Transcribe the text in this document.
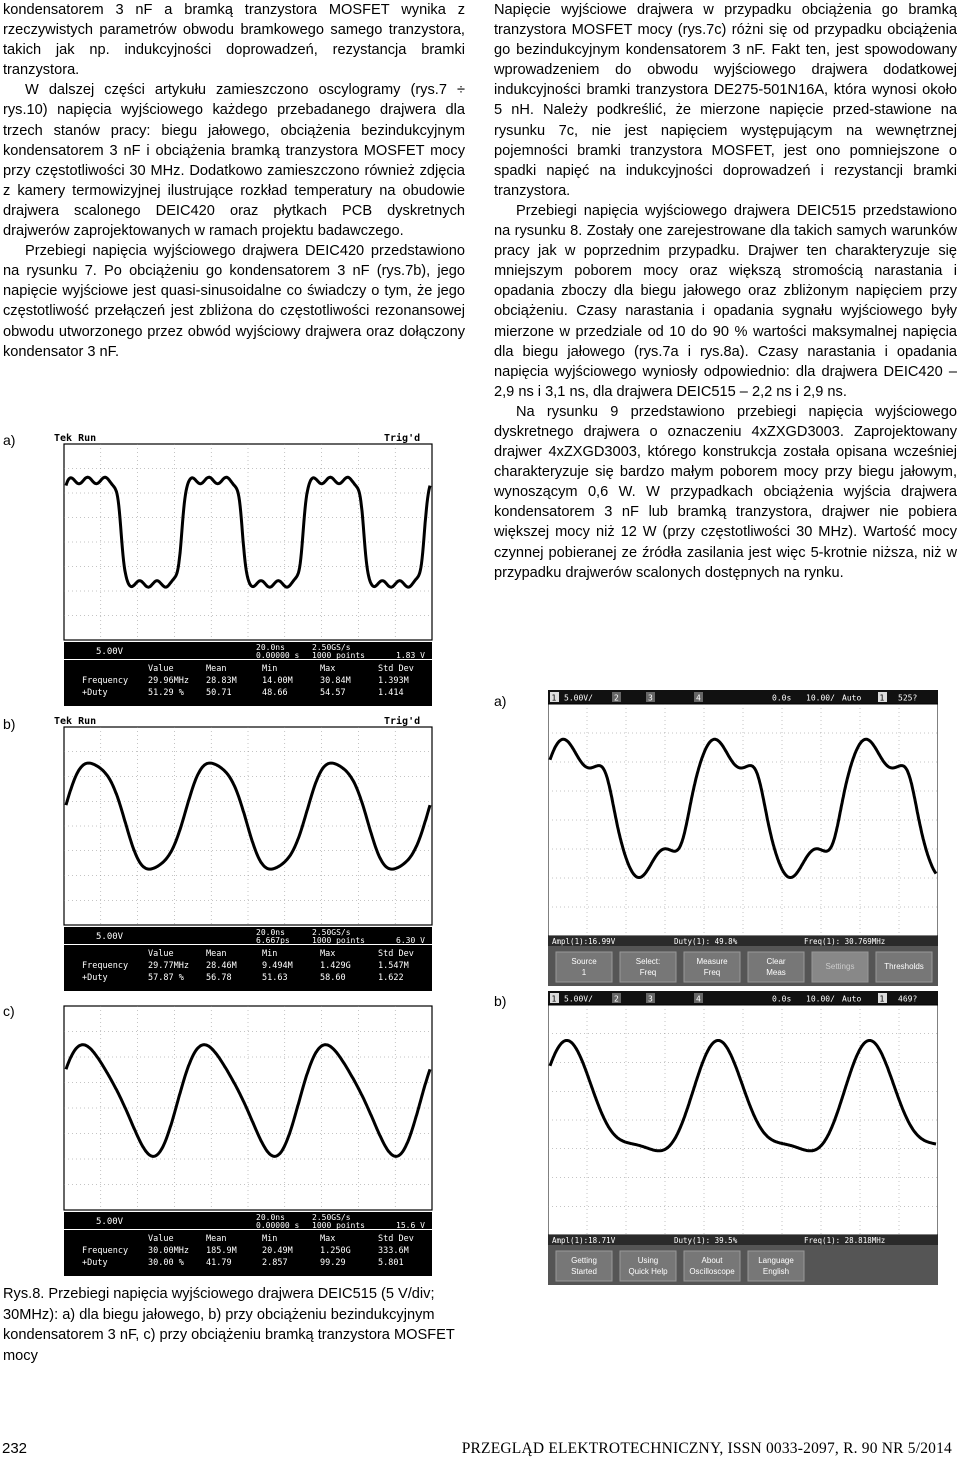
kondensatorem 3 nF a bramką tranzystora MOSFET wynika z rzeczywistych parametrów obwodu bramkowego samego tranzystora, takich jak np. indukcyjności doprowadzeń, rezystancja bramki tranzystora.

W dalszej części artykułu zamieszczono oscylogramy (rys.7 ÷ rys.10) napięcia wyjściowego każdego przebadanego drajwera dla trzech stanów pracy: biegu jałowego, obciążenia bezindukcyjnym kondensatorem 3 nF i obciążenia bramką tranzystora MOSFET mocy przy częstotliwości 30 MHz. Dodatkowo zamieszczono również zdjęcia z kamery termowizyjnej ilustrujące rozkład temperatury na obudowie drajwera scalonego DEIC420 oraz płytkach PCB dyskretnych drajwerów zaprojektowanych w ramach projektu badawczego.

Przebiegi napięcia wyjściowego drajwera DEIC420 przedstawiono na rysunku 7. Po obciążeniu go kondensatorem 3 nF (rys.7b), jego napięcie wyjściowe jest quasi-sinusoidalne co świadczy o tym, że jego częstotliwość przełączeń jest zbliżona do częstotliwości rezonansowej obwodu utworzonego przez obwód wyjściowy drajwera oraz dołączony kondensator 3 nF.

Napięcie wyjściowe drajwera w przypadku obciążenia go bramką tranzystora MOSFET mocy (rys.7c) różni się od przypadku obciążenia go bezindukcyjnym kondensatorem 3 nF. Fakt ten, jest spowodowany wprowadzeniem do obwodu wyjściowego drajwera dodatkowej indukcyjności bramki tranzystora DE275-501N16A, która wynosi około 5 nH. Należy podkreślić, że mierzone napięcie przed-stawione na rysunku 7c, nie jest napięciem występującym na wewnętrznej pojemności bramki tranzystora MOSFET, jest ono pomniejszone o spadki napięć na indukcyjności doprowadzeń i rezystancji bramki tranzystora.

Przebiegi napięcia wyjściowego drajwera DEIC515 przedstawiono na rysunku 8. Zostały one zarejestrowane dla takich samych warunków pracy jak w poprzednim przypadku. Drajwer ten charakteryzuje się mniejszym poborem mocy oraz większą stromością narastania i opadania zboczy dla biegu jałowego oraz zbliżonym napięciem przy obciążeniu. Czasy narastania i opadania sygnału wyjściowego były mierzone w przedziale od 10 do 90 % wartości maksymalnej napięcia dla biegu jałowego (rys.7a i rys.8a). Czasy narastania i opadania napięcia wyjściowego wyniosły odpowiednio: dla drajwera DEIC420 – 2,9 ns i 3,1 ns, dla drajwera DEIC515 – 2,2 ns i 2,9 ns.

Na rysunku 9 przedstawiono przebiegi napięcia wyjściowego dyskretnego drajwera o oznaczeniu 4xZXGD3003. Zaprojektowany drajwer 4xZXGD3003, którego konstrukcja została opisana wcześniej charakteryzuje się bardzo małym poborem mocy przy biegu jałowym, wynoszącym 0,6 W. W przypadkach obciążenia wyjścia drajwera kondensatorem 3 nF lub bramką tranzystora, drajwer nie pobiera większej mocy niż 12 W (przy częstotliwości 30 MHz). Wartość mocy czynnej pobieranej ze źródła zasilania jest więc 5-krotnie niższa, niż w przypadku drajwerów scalonych dostępnych na rynku.

a)
b)
c)
a)
b)
Tek Run	Trig'd
5.00V	20.0ns
0.00000 s
2.50GS/s
1000 points	1.83 V
Value	Mean	Min	Max	Std Dev
Frequency 29.96MHz 28.83M	14.00M	30.84M	1.393M
+Duty	51.29 %	50.71	48.66	54.57	1.414
Tek Run	Trig'd
5.00V	20.0ns
6.667ps
2.50GS/s
1000 points	6.30 V
Value	Mean	Min	Max	Std Dev
Frequency 29.77MHz 28.46M	9.494M	1.429G	1.547M
+Duty	57.87 %	56.78	51.63	58.60	1.622
5.00V	20.0ns
0.00000 s
2.50GS/s
1000 points	15.6 V
Value	Mean	Min	Max	Std Dev
Frequency 30.00MHz 185.9M	20.49M	1.250G	333.6M
+Duty	30.00 %	41.79	2.857	99.29	5.801
1 5.00V/	2	3	4	0.0s 10.00/ Auto 1 525?
Ampl(1):16.99V	Duty(1): 49.8%	Freq(1): 30.769MHz
Source
1
Select:
Freq
Measure
Freq
Clear
Meas
Settings	Thresholds
1 5.00V/	2	3	4	0.0s 10.00/ Auto 1 469?
Ampl(1):18.71V	Duty(1): 39.5%	Freq(1): 28.818MHz
Getting
Started
Using
Quick Help
About
Oscilloscope
Language
English

Rys.8. Przebiegi napięcia wyjściowego drajwera DEIC515 (5 V/div; 30MHz): a) dla biegu jałowego, b) przy obciążeniu bezindukcyjnym kondensatorem 3 nF, c) przy obciążeniu bramką tranzystora MOSFET mocy

232	PRZEGLĄD ELEKTROTECHNICZNY, ISSN 0033-2097, R. 90 NR 5/2014
